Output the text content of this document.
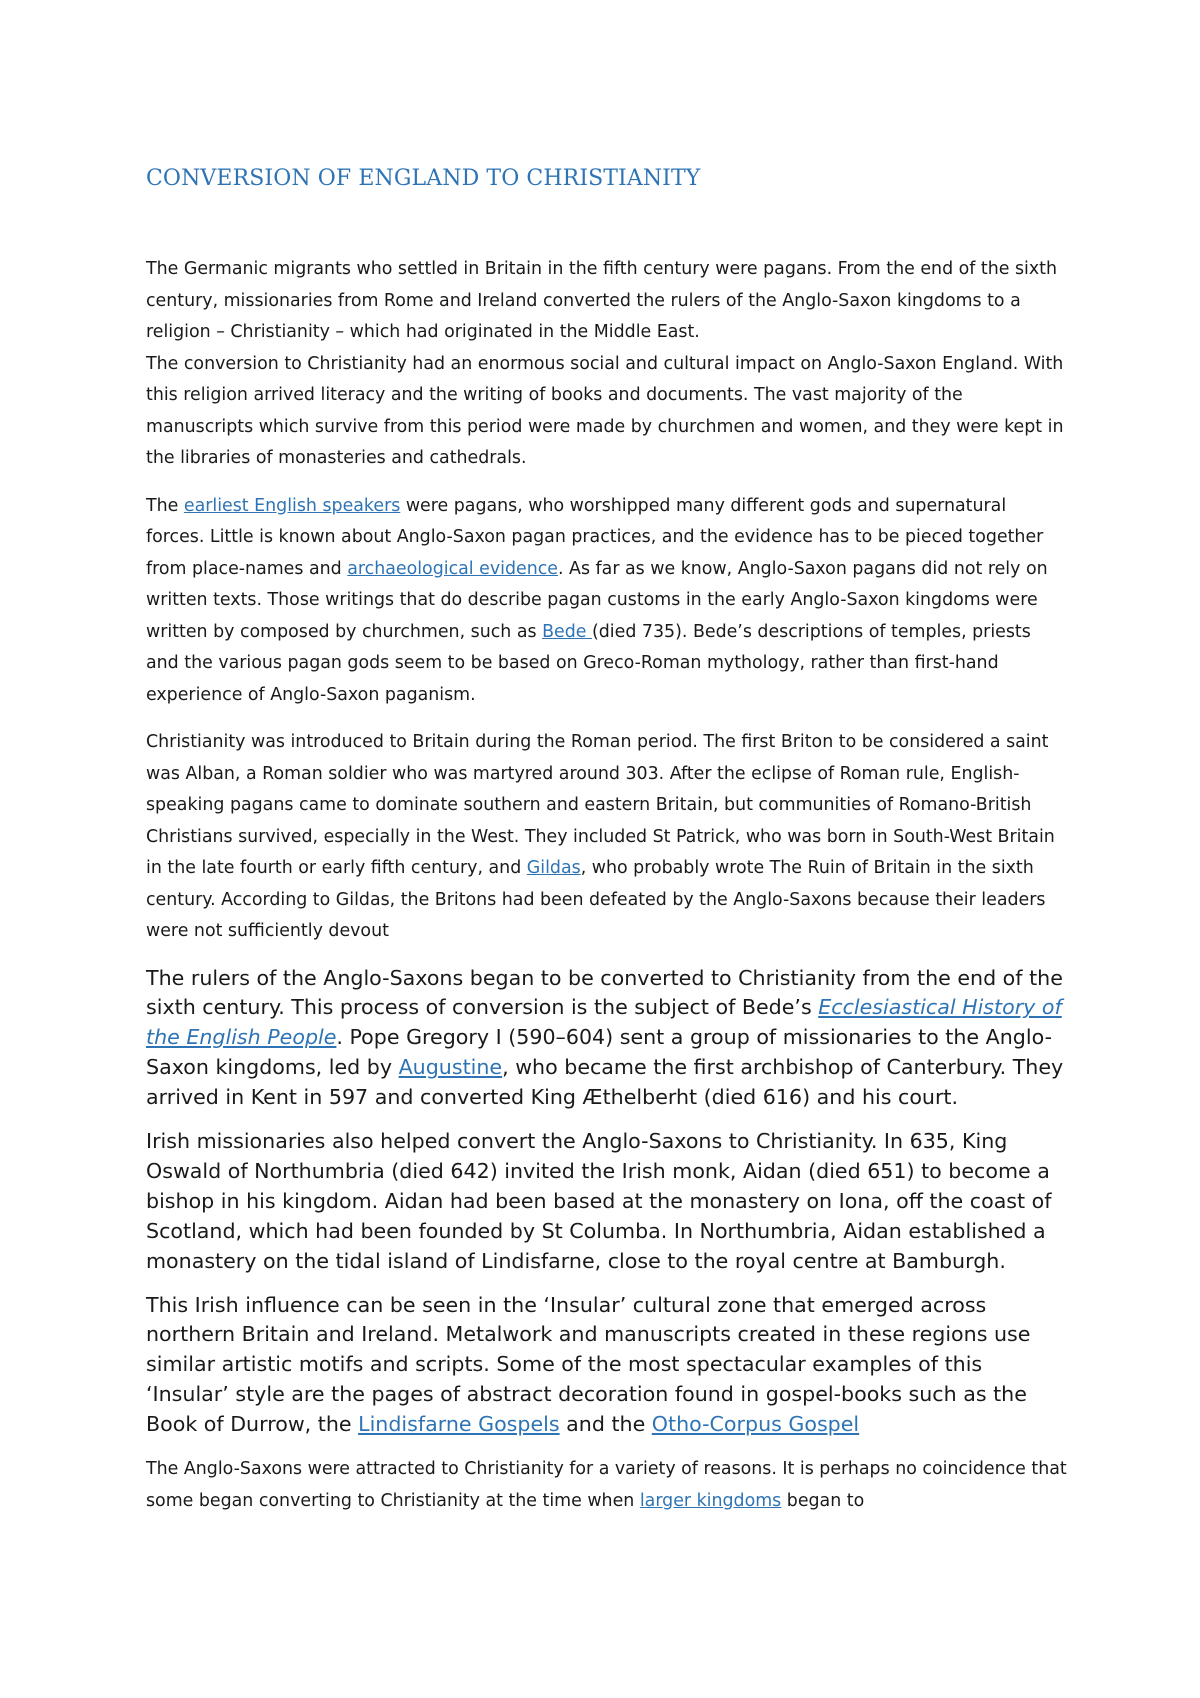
CONVERSION OF ENGLAND TO CHRISTIANITY

The Germanic migrants who settled in Britain in the fifth century were pagans. From the end of the sixth century, missionaries from Rome and Ireland converted the rulers of the Anglo-Saxon kingdoms to a religion – Christianity – which had originated in the Middle East.

The conversion to Christianity had an enormous social and cultural impact on Anglo-Saxon England. With this religion arrived literacy and the writing of books and documents. The vast majority of the manuscripts which survive from this period were made by churchmen and women, and they were kept in the libraries of monasteries and cathedrals.

The earliest English speakers were pagans, who worshipped many different gods and supernatural forces. Little is known about Anglo-Saxon pagan practices, and the evidence has to be pieced together from place-names and archaeological evidence. As far as we know, Anglo-Saxon pagans did not rely on written texts. Those writings that do describe pagan customs in the early Anglo-Saxon kingdoms were written by composed by churchmen, such as Bede (died 735). Bede’s descriptions of temples, priests and the various pagan gods seem to be based on Greco-Roman mythology, rather than first-hand experience of Anglo-Saxon paganism.

Christianity was introduced to Britain during the Roman period. The first Briton to be considered a saint was Alban, a Roman soldier who was martyred around 303. After the eclipse of Roman rule, English-speaking pagans came to dominate southern and eastern Britain, but communities of Romano-British Christians survived, especially in the West. They included St Patrick, who was born in South-West Britain in the late fourth or early fifth century, and Gildas, who probably wrote The Ruin of Britain in the sixth century. According to Gildas, the Britons had been defeated by the Anglo-Saxons because their leaders were not sufficiently devout

The rulers of the Anglo-Saxons began to be converted to Christianity from the end of the sixth century. This process of conversion is the subject of Bede’s Ecclesiastical History of the English People. Pope Gregory I (590–604) sent a group of missionaries to the Anglo-Saxon kingdoms, led by Augustine, who became the first archbishop of Canterbury. They arrived in Kent in 597 and converted King Æthelberht (died 616) and his court.

Irish missionaries also helped convert the Anglo-Saxons to Christianity. In 635, King Oswald of Northumbria (died 642) invited the Irish monk, Aidan (died 651) to become a bishop in his kingdom. Aidan had been based at the monastery on Iona, off the coast of Scotland, which had been founded by St Columba. In Northumbria, Aidan established a monastery on the tidal island of Lindisfarne, close to the royal centre at Bamburgh.

This Irish influence can be seen in the ‘Insular’ cultural zone that emerged across northern Britain and Ireland. Metalwork and manuscripts created in these regions use similar artistic motifs and scripts. Some of the most spectacular examples of this ‘Insular’ style are the pages of abstract decoration found in gospel-books such as the Book of Durrow, the Lindisfarne Gospels and the Otho-Corpus Gospel

The Anglo-Saxons were attracted to Christianity for a variety of reasons. It is perhaps no coincidence that some began converting to Christianity at the time when larger kingdoms began to
